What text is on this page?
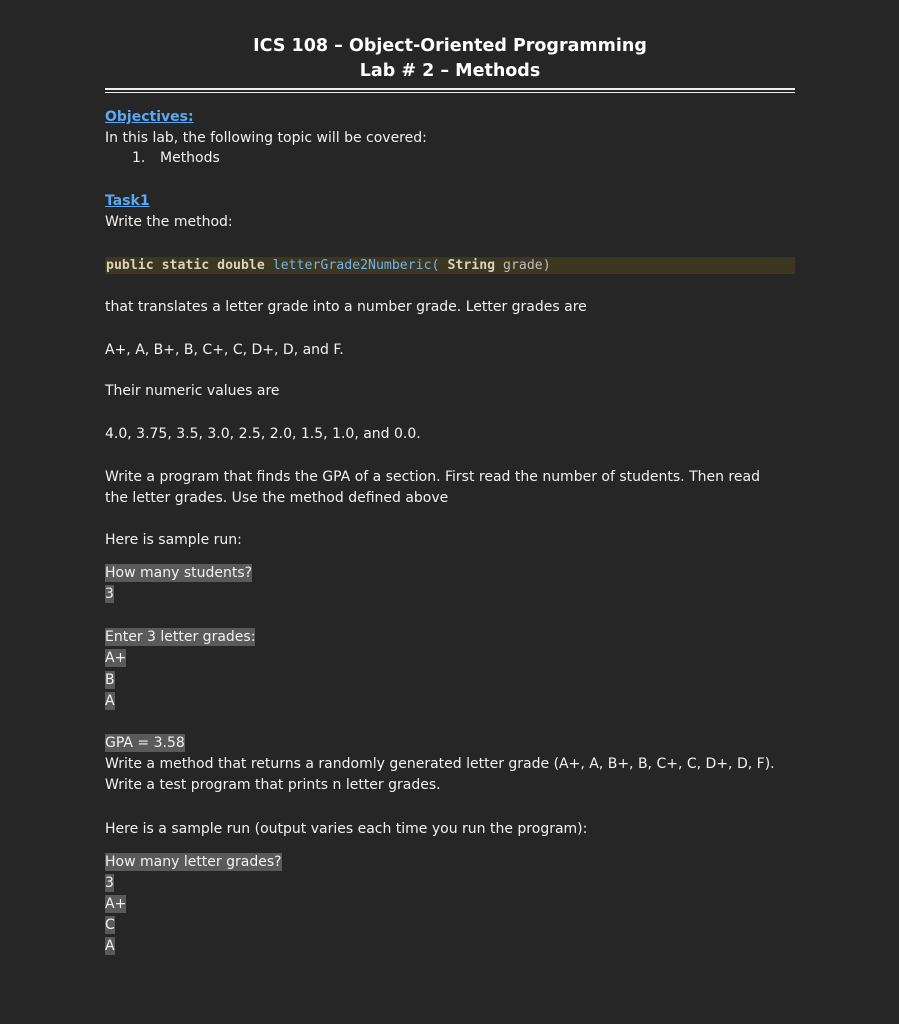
ICS 108 – Object-Oriented Programming
Lab # 2 – Methods
Objectives:
In this lab, the following topic will be covered:
1. Methods
Task1
Write the method:
public static double letterGrade2Numberic( String grade)
that translates a letter grade into a number grade. Letter grades are
A+, A, B+, B, C+, C, D+, D, and F.
Their numeric values are
4.0, 3.75, 3.5, 3.0, 2.5, 2.0, 1.5, 1.0, and 0.0.
Write a program that finds the GPA of a section. First read the number of students. Then read
the letter grades. Use the method defined above
Here is sample run:
How many students?
3
Enter 3 letter grades:
A+
B
A
GPA = 3.58
Write a method that returns a randomly generated letter grade (A+, A, B+, B, C+, C, D+, D, F).
Write a test program that prints n letter grades.
Here is a sample run (output varies each time you run the program):
How many letter grades?
3
A+
C
A
